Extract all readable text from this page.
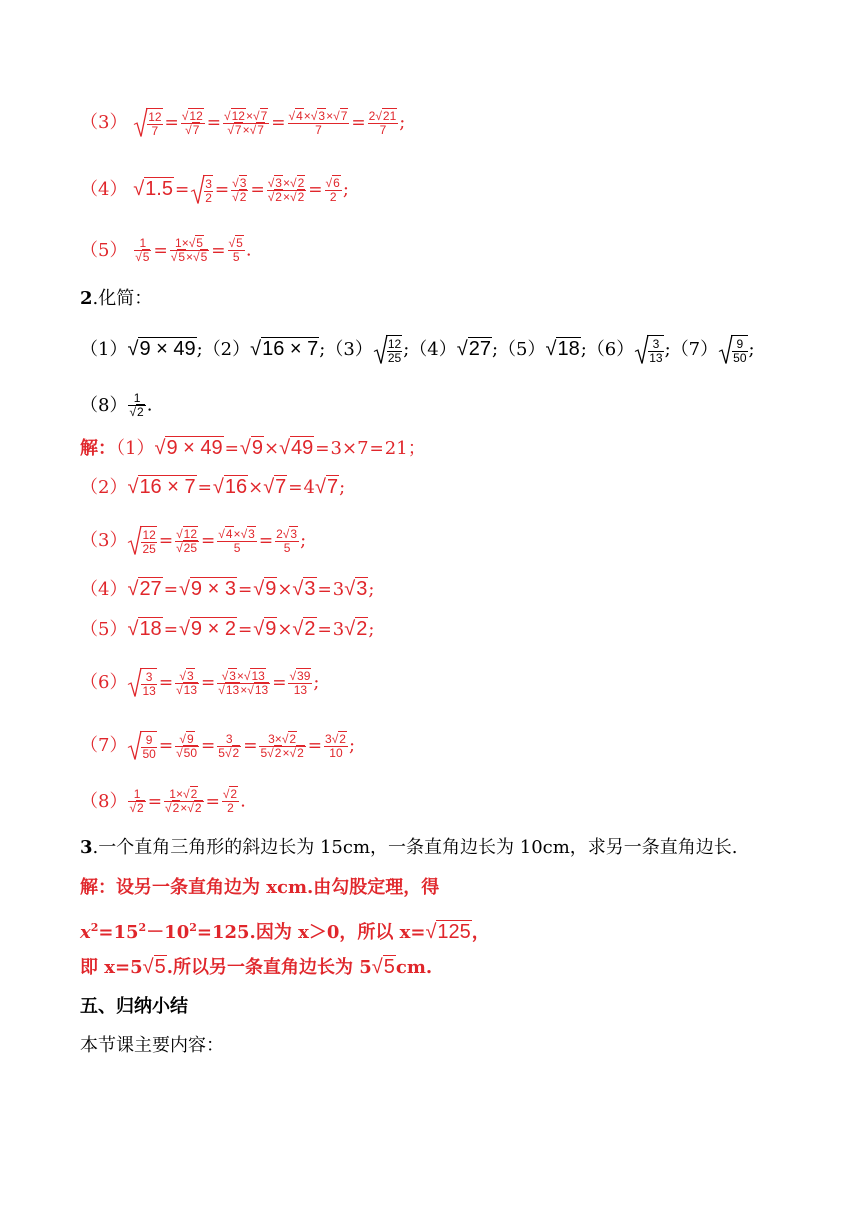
$(3) \frac{12}{7}$ = √ 12
√ 7 = √ 12× √ 7
√ 7× √ 7 = √ $\frac{4\times √ 3\times √ 7}{7} = \frac{2 √ 21}{7}$ ;
（4） √ $1.5 = \frac{3}{2}$ = √ 3
√ 2 = √ 3× √ 2
√ 2× √ 2 = √ $\frac{6}{2}$ ;
（5） 1
√ 5 = 1× √ 5
√ 5× √ 5 = √ $\frac{5}{5}$ .
2.化简：
（1） √ 9 × 49;（2） √ 16 × 7;（3） $\frac{12}{25}$ ;（4） √ 27;（5） √ 18;（6） $\frac{3}{13}$ ;（7） $\frac{9}{50}$ ;
（8） 1
√ 2 .
解：（1） √ 9 × 49 = √ 9× √ 49 =3×7=21；
（2） √ 16 × 7 = √ 16× √ 7 =4 √ 7;
$(3) \frac{12}{25}$ = √ 12
√ 25 = √ $\frac{4\times √ 3}{5} = \frac{2 √ 3}{5}$ ;
（4） √ 27 = √ 9 × 3 = √ 9× √ 3 =3 √ 3;
（5） √ 18 = √ 9 × 2 = √ 9× √ 2 =3 √ 2;
$(6) \frac{3}{13}$ = √ 3
√ 13 = √ 3× √ 13
√ 13× √ 13 = √ $\frac{39}{13}$ ;
$(7) \frac{9}{50}$ = √ 9
√ $50 = \frac{3}{5 √ 2} = \frac{3\times √ 2}{5 √ 2\times √ 2} = \frac{3 √ 2}{10}$ ;
（8） 1
√ 2 = 1× √ 2
√ 2× √ 2 = √ $\frac{2}{2}$ .
3.一个直角三角形的斜边长为 15cm，一条直角边长为 10cm，求另一条直角边长.
解：设另一条直角边为 xcm.由勾股定理，得
$x^2=15^2-10^2=125$.因为 x＞0，所以 x= √ 125，
即 x=5 √ 5.所以另一条直角边长为 5 √ 5cm.
五、归纳小结
本节课主要内容：
